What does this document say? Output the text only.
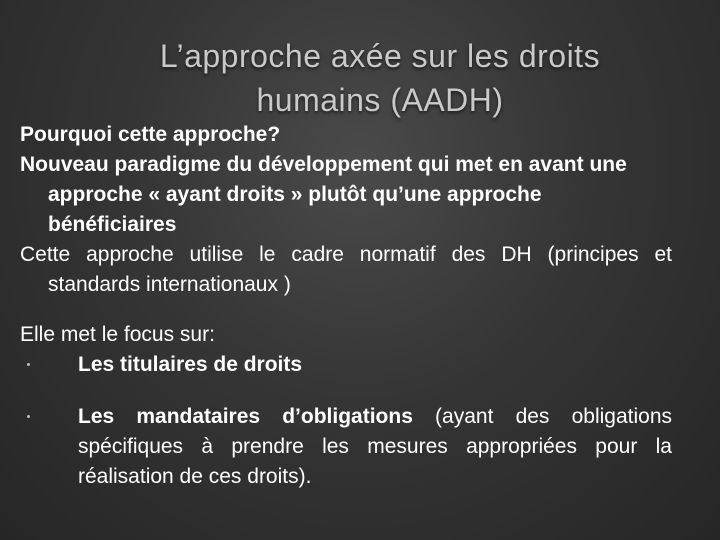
L’approche axée sur les droits
humains (AADH)

Pourquoi cette approche?

Nouveau paradigme du développement qui met en avant une approche « ayant droits » plutôt qu’une approche bénéficiaires

Cette approche utilise le cadre normatif des DH (principes et standards internationaux )

Elle met le focus sur:

Les titulaires de droits
Les mandataires d’obligations (ayant des obligations spécifiques à prendre les mesures appropriées pour la réalisation de ces droits).
